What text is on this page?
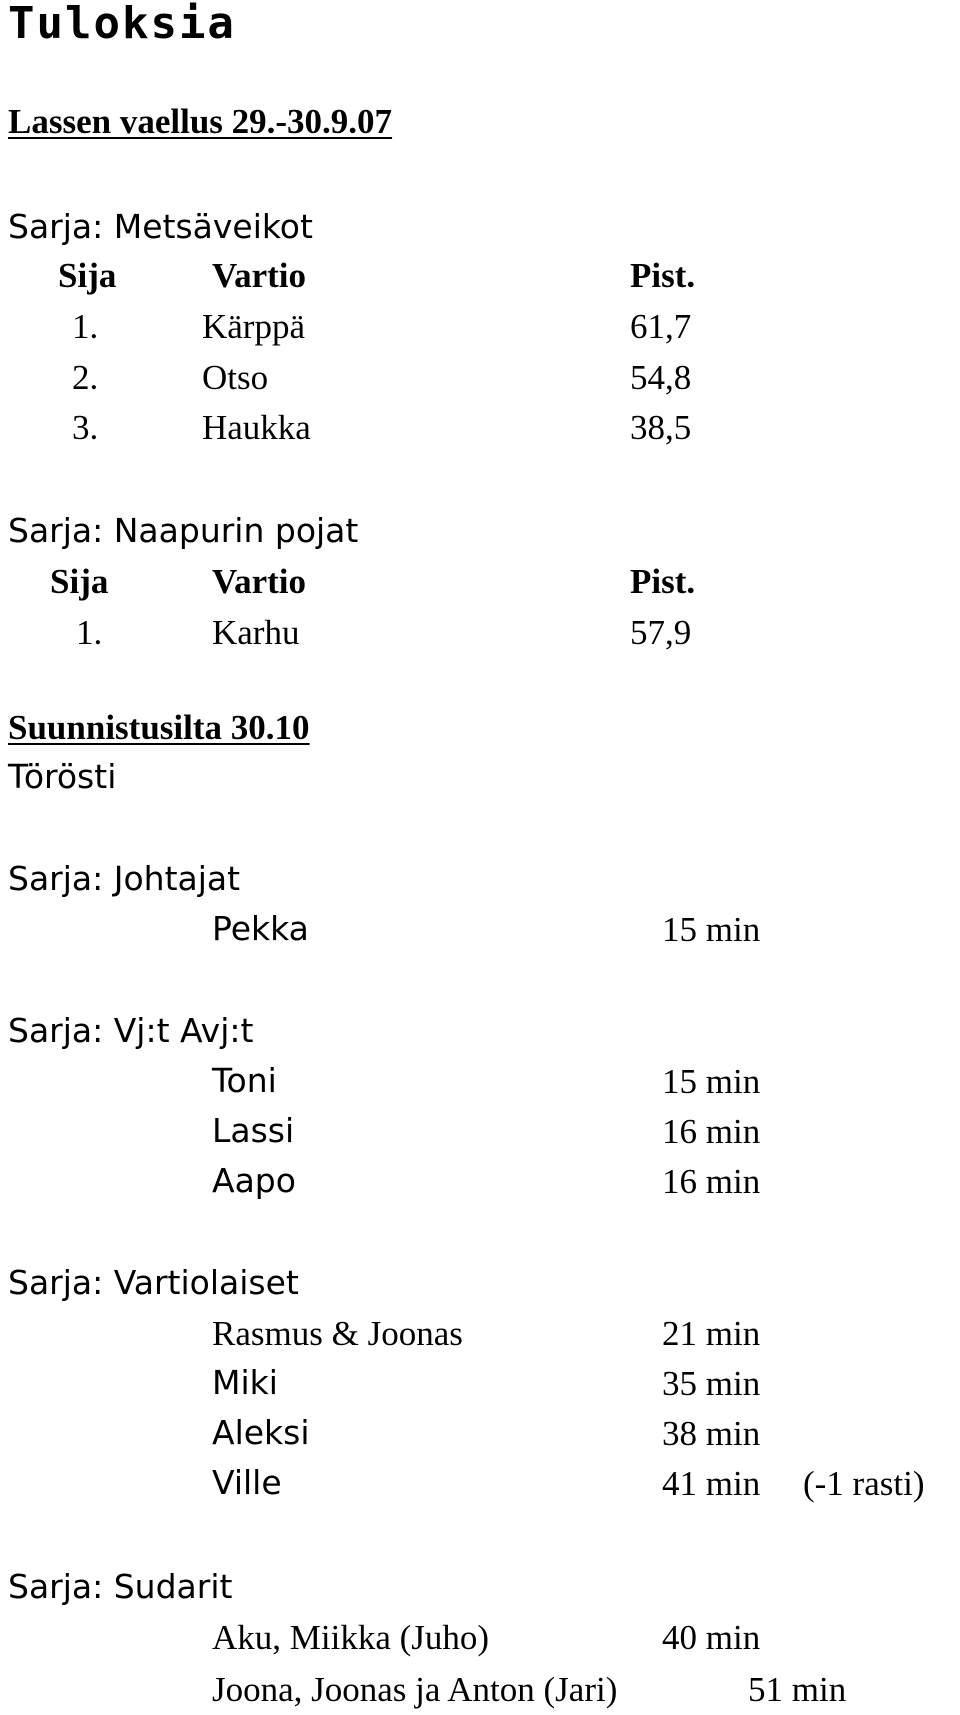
Tuloksia
Lassen vaellus 29.-30.9.07
Sarja: Metsäveikot
Sija	Vartio	Pist.
1.	Kärppä	61,7
2.	Otso	54,8
3.	Haukka	38,5
Sarja: Naapurin pojat
Sija	Vartio	Pist.
1.	Karhu	57,9
Suunnistusilta 30.10
Törösti
Sarja: Johtajat
Pekka	15 min
Sarja: Vj:t Avj:t
Toni	15 min
Lassi	16 min
Aapo	16 min
Sarja: Vartiolaiset
Rasmus & Joonas	21 min
Miki	35 min
Aleksi	38 min
Ville	41 min (-1 rasti)
Sarja: Sudarit
Aku, Miikka (Juho)	40 min
Joona, Joonas ja Anton (Jari)	51 min
